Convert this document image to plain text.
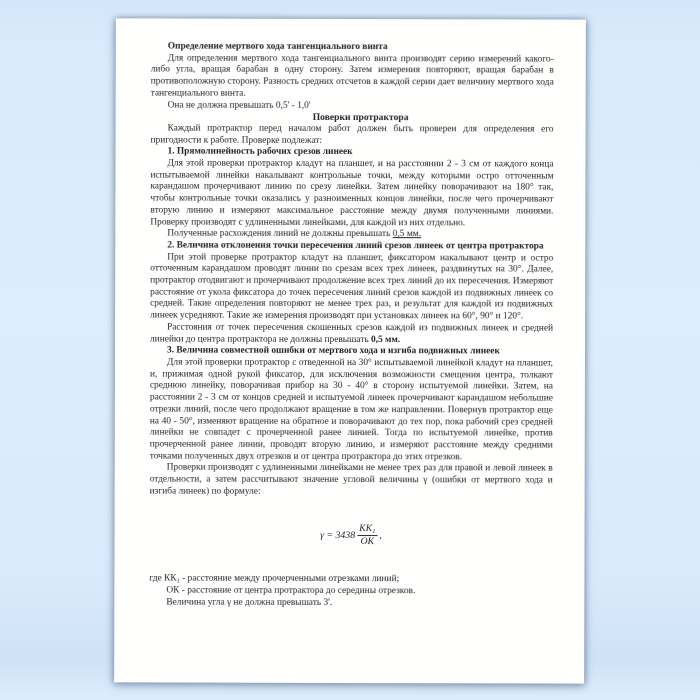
Определение мертвого хода тангенциального винта

Для определения мертвого хода тангенциального винта производят серию измерений какого-либо угла, вращая барабан в одну сторону. Затем измерения повторяют, вращая барабан в противоположную сторону. Разность средних отсчетов в каждой серии дает величину мертвого хода тангенциального винта.

Она не должна превышать 0,5' - 1,0'

Поверки протрактора

Каждый протрактор перед началом работ должен быть проверен для определения его пригодности к работе. Проверке подлежат:

1. Прямолинейность рабочих срезов линеек

Для этой проверки протрактор кладут на планшет, и на расстоянии 2 - 3 см от каждого конца испытываемой линейки накалывают контрольные точки, между которыми остро отточенным карандашом прочерчивают линию по срезу линейки. Затем линейку поворачивают на 180° так, чтобы контрольные точки оказались у разноименных концов линейки, после чего прочерчивают вторую линию и измеряют максимальное расстояние между двумя полученными линиями. Проверку производят с удлиненными линейками, для каждой из них отдельно.

Полученные расхождения линий не должны превышать 0,5 мм.

2. Величина отклонения точки пересечения линий срезов линеек от центра протрактора

При этой проверке протрактор кладут на планшет, фиксатором накалывают центр и остро отточенным карандашом проводят линии по срезам всех трех линеек, раздвинутых на 30°. Далее, протрактор отодвигают и прочерчивают продолжение всех трех линий до их пересечения. Измеряют расстояние от укола фиксатора до точек пересечения линий срезов каждой из подвижных линеек со средней. Такие определения повторяют не менее трех раз, и результат для каждой из подвижных линеек усредняют. Такие же измерения производят при установках линеек на 60°, 90° и 120°.

Расстояния от точек пересечения скошенных срезов каждой из подвижных линеек и средней линейки до центра протрактора не должны превышать 0,5 мм.

3. Величина совместной ошибки от мертвого хода и изгиба подвижных линеек

Для этой проверки протрактор с отведенной на 30° испытываемой линейкой кладут на планшет, и, прижимая одной рукой фиксатор, для исключения возможности смещения центра, толкают среднюю линейку, поворачивая прибор на 30 - 40° в сторону испытуемой линейки. Затем, на расстоянии 2 - 3 см от концов средней и испытуемой линеек прочерчивают карандашом небольшие отрезки линий, после чего продолжают вращение в том же направлении. Повернув протрактор еще на 40 - 50°, изменяют вращение на обратное и поворачивают до тех пор, пока рабочий срез средней линейки не совпадет с прочерченной ранее линией. Тогда по испытуемой линейке, против прочерченной ранее линии, проводят вторую линию, и измеряют расстояние между средними точками полученных двух отрезков и от центра протрактора до этих отрезков.

Проверки производят с удлиненными линейками не менее трех раз для правой и левой линеек в отдельности, а затем рассчитывают значение угловой величины γ (ошибки от мертвого хода и изгиба линеек) по формуле:

$\gamma = 3438 \frac{KK_1}{OK}$ ,

где $КК_1$ - расстояние между прочерченными отрезками линий;

ОК - расстояние от центра протрактора до середины отрезков.

Величина угла γ не должна превышать 3'.
